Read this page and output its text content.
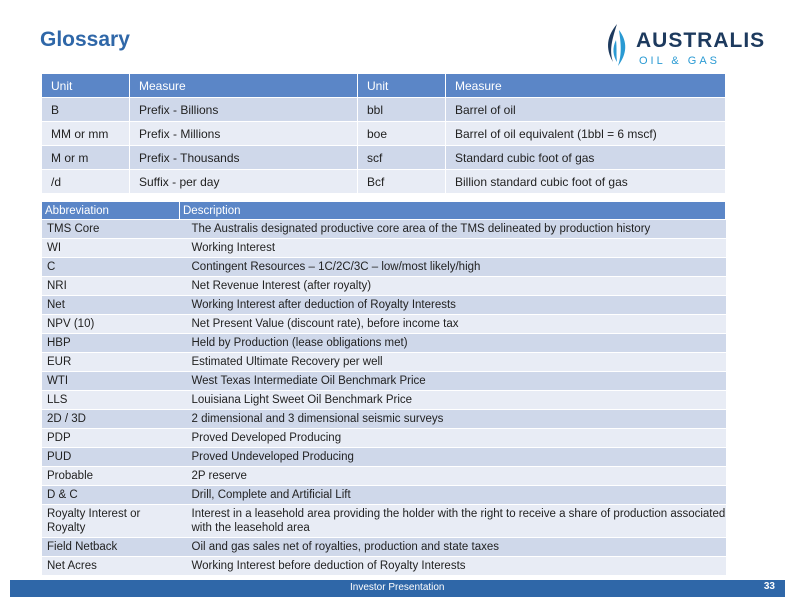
Glossary	AUSTRALIS
OIL & GAS
Unit	Measure	Unit	Measure
B	Prefix - Billions	bbl	Barrel of oil
MM or mm	Prefix - Millions	boe	Barrel of oil equivalent (1bbl = 6 mscf)
M or m	Prefix - Thousands	scf	Standard cubic foot of gas
/d	Suffix - per day	Bcf	Billion standard cubic foot of gas
Abbreviation	Description
TMS Core	The Australis designated productive core area of the TMS delineated by production history
WI	Working Interest
C	Contingent Resources – 1C/2C/3C – low/most likely/high
NRI	Net Revenue Interest (after royalty)
Net	Working Interest after deduction of Royalty Interests
NPV (10)	Net Present Value (discount rate), before income tax
HBP	Held by Production (lease obligations met)
EUR	Estimated Ultimate Recovery per well
WTI	West Texas Intermediate Oil Benchmark Price
LLS	Louisiana Light Sweet Oil Benchmark Price
2D / 3D	2 dimensional and 3 dimensional seismic surveys
PDP	Proved Developed Producing
PUD	Proved Undeveloped Producing
Probable	2P reserve
D & C	Drill, Complete and Artificial Lift
Royalty Interest or Royalty	Interest in a leasehold area providing the holder with the right to receive a share of production associated with the leasehold area
Field Netback	Oil and gas sales net of royalties, production and state taxes
Net Acres	Working Interest before deduction of Royalty Interests
Investor Presentation	33
